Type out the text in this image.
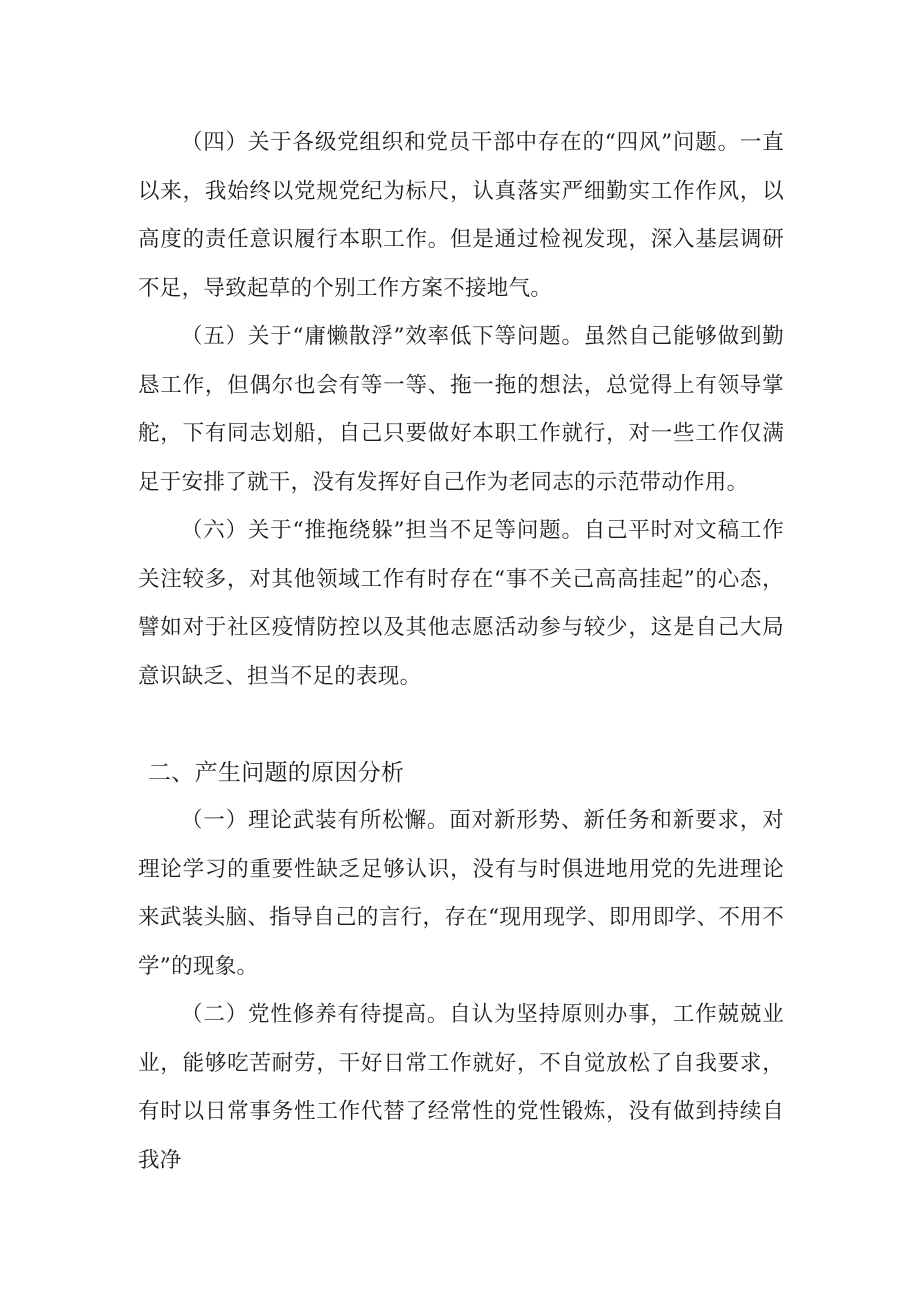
（四）关于各级党组织和党员干部中存在的“四风”问题。一直以来，我始终以党规党纪为标尺，认真落实严细勤实工作作风，以高度的责任意识履行本职工作。但是通过检视发现，深入基层调研不足，导致起草的个别工作方案不接地气。

（五）关于“庸懒散浮”效率低下等问题。虽然自己能够做到勤恳工作，但偶尔也会有等一等、拖一拖的想法，总觉得上有领导掌舵，下有同志划船，自己只要做好本职工作就行，对一些工作仅满足于安排了就干，没有发挥好自己作为老同志的示范带动作用。

（六）关于“推拖绕躲”担当不足等问题。自己平时对文稿工作关注较多，对其他领域工作有时存在“事不关己高高挂起”的心态，譬如对于社区疫情防控以及其他志愿活动参与较少，这是自己大局意识缺乏、担当不足的表现。

二、产生问题的原因分析

（一）理论武装有所松懈。面对新形势、新任务和新要求，对理论学习的重要性缺乏足够认识，没有与时俱进地用党的先进理论来武装头脑、指导自己的言行，存在“现用现学、即用即学、不用不学”的现象。

（二）党性修养有待提高。自认为坚持原则办事，工作兢兢业业，能够吃苦耐劳，干好日常工作就好，不自觉放松了自我要求，有时以日常事务性工作代替了经常性的党性锻炼，没有做到持续自我净
